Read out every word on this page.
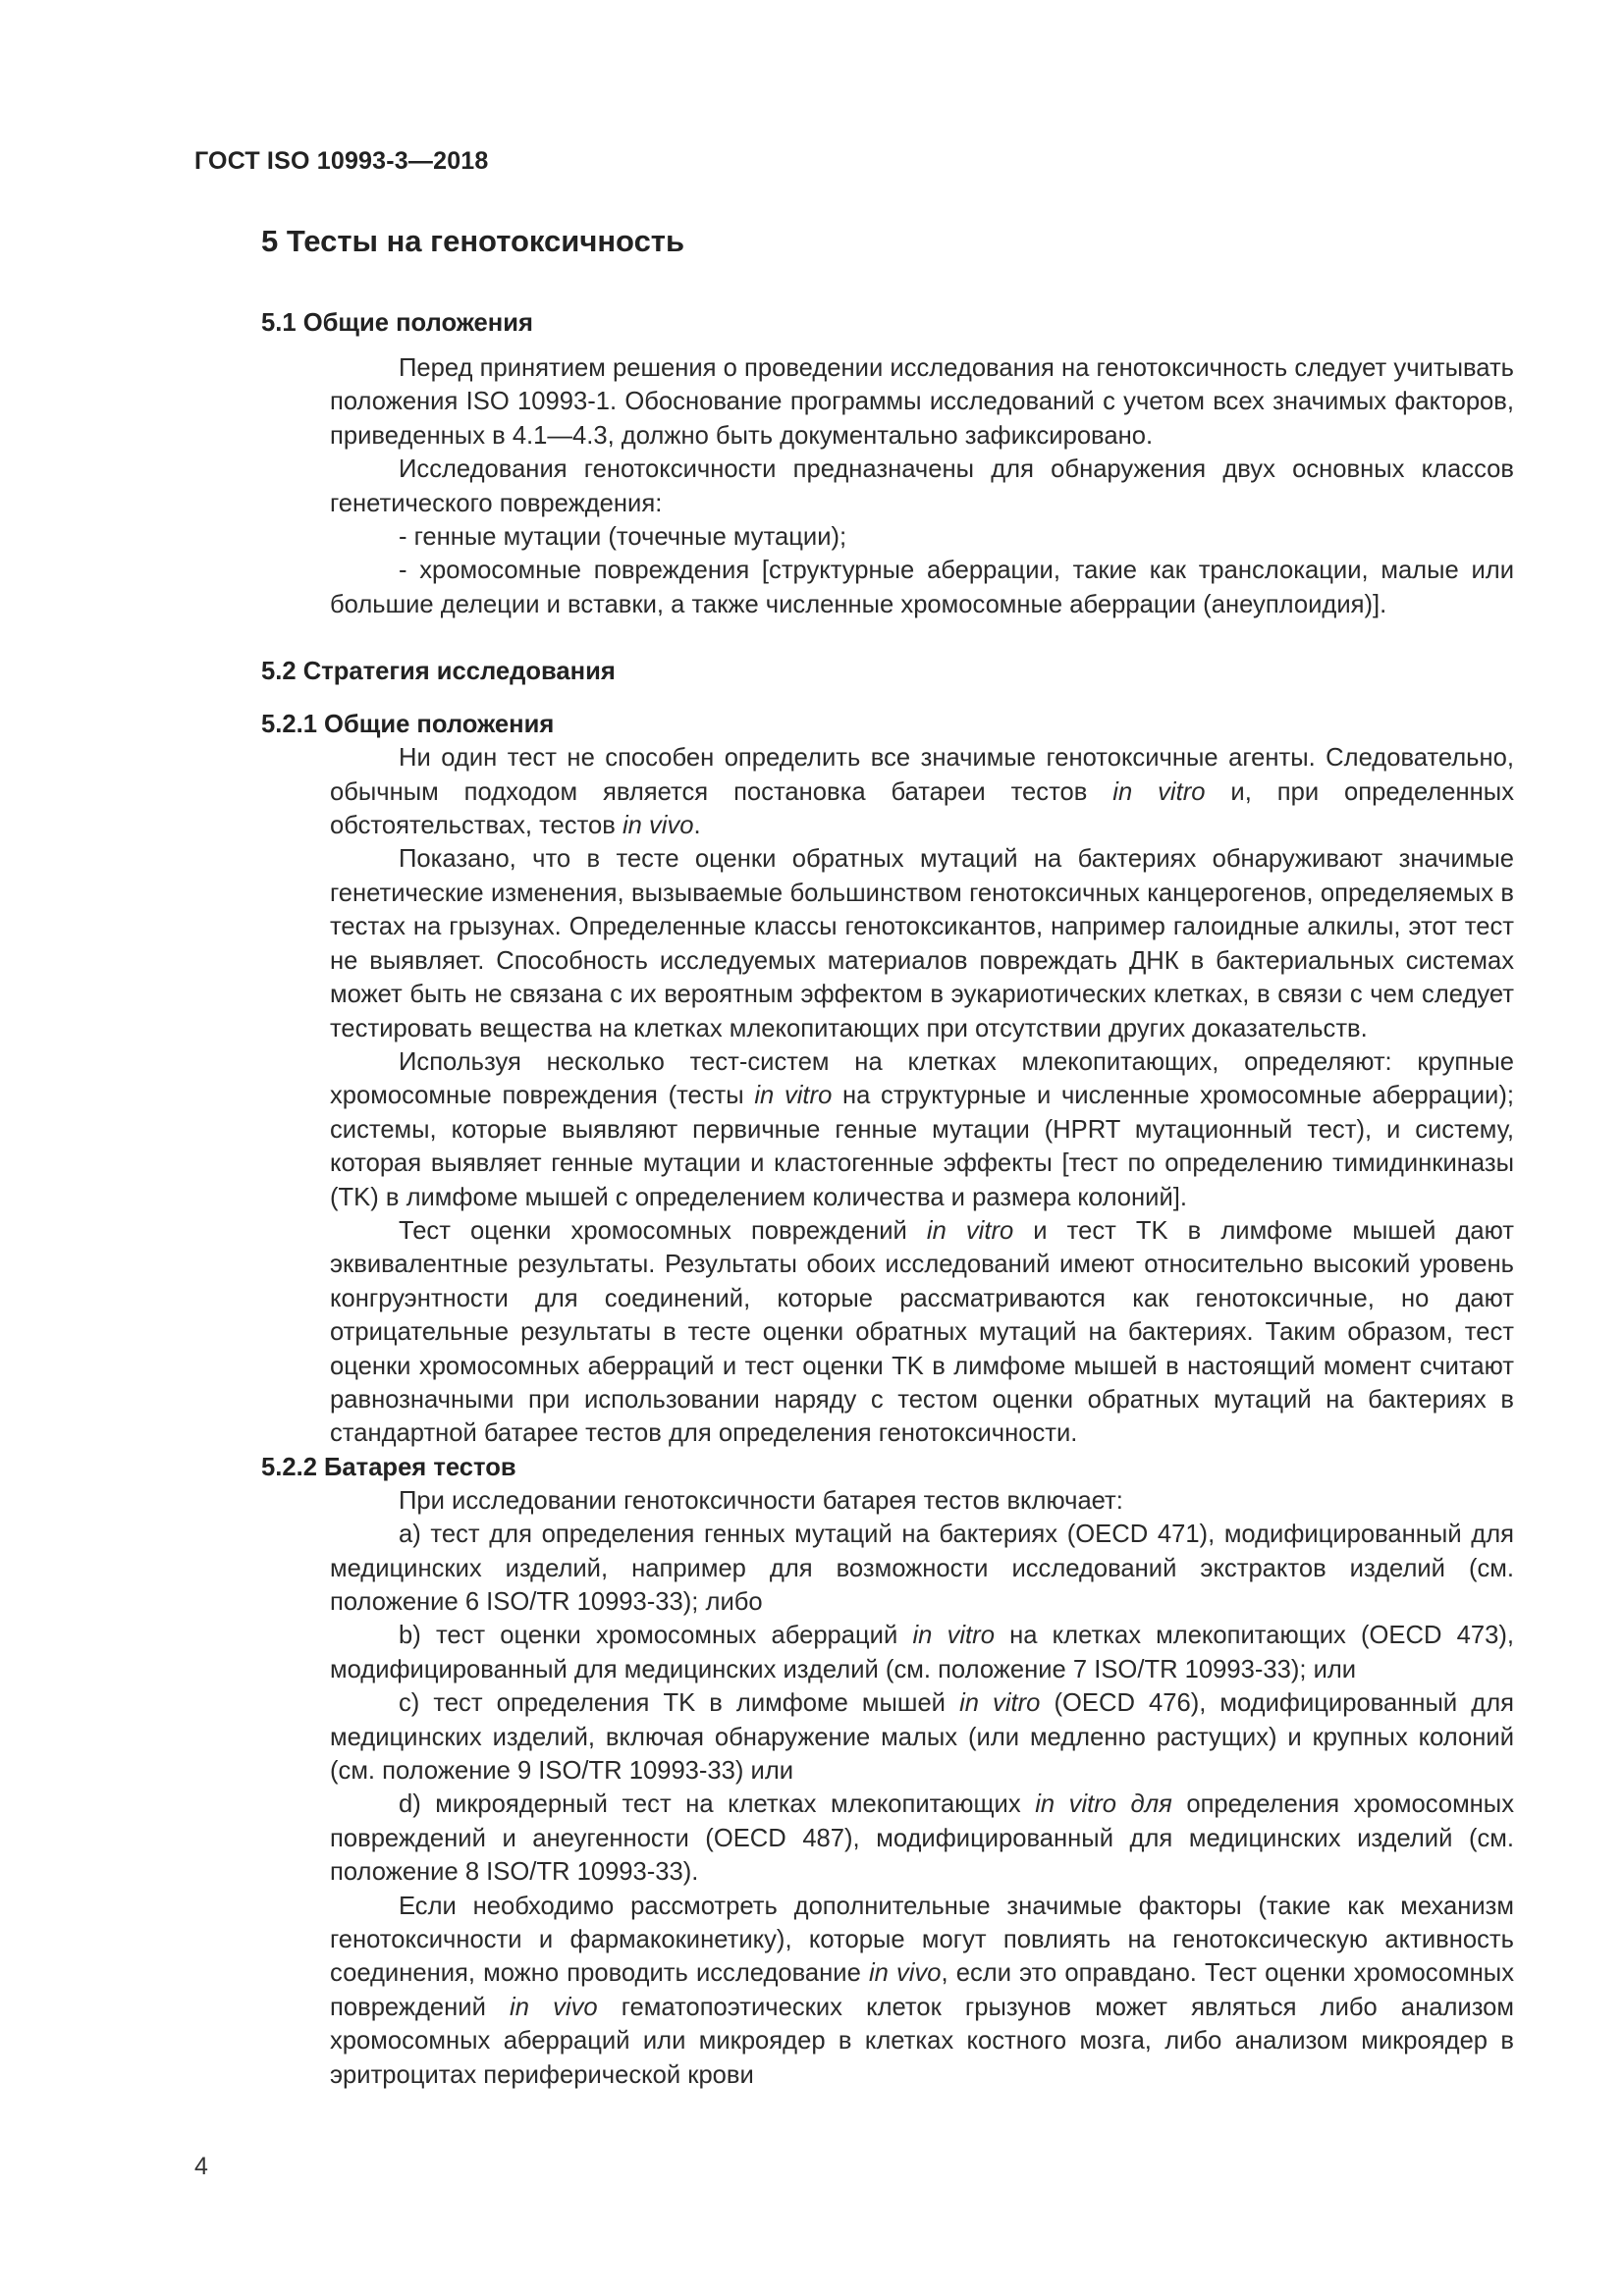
ГОСТ ISO 10993-3—2018
5 Тесты на генотоксичность
5.1 Общие положения

Перед принятием решения о проведении исследования на генотоксичность следует учитывать положения ISO 10993-1. Обоснование программы исследований с учетом всех значимых факторов, приведенных в 4.1—4.3, должно быть документально зафиксировано.

Исследования генотоксичности предназначены для обнаружения двух основных классов генетического повреждения:

- генные мутации (точечные мутации);

- хромосомные повреждения [структурные аберрации, такие как транслокации, малые или большие делеции и вставки, а также численные хромосомные аберрации (анеуплоидия)].

5.2 Стратегия исследования
5.2.1 Общие положения

Ни один тест не способен определить все значимые генотоксичные агенты. Следовательно, обычным подходом является постановка батареи тестов in vitro и, при определенных обстоятельствах, тестов in vivo.

Показано, что в тесте оценки обратных мутаций на бактериях обнаруживают значимые генетические изменения, вызываемые большинством генотоксичных канцерогенов, определяемых в тестах на грызунах. Определенные классы генотоксикантов, например галоидные алкилы, этот тест не выявляет. Способность исследуемых материалов повреждать ДНК в бактериальных системах может быть не связана с их вероятным эффектом в эукариотических клетках, в связи с чем следует тестировать вещества на клетках млекопитающих при отсутствии других доказательств.

Используя несколько тест-систем на клетках млекопитающих, определяют: крупные хромосомные повреждения (тесты in vitro на структурные и численные хромосомные аберрации); системы, которые выявляют первичные генные мутации (HPRT мутационный тест), и систему, которая выявляет генные мутации и кластогенные эффекты [тест по определению тимидинкиназы (TK) в лимфоме мышей с определением количества и размера колоний].

Тест оценки хромосомных повреждений in vitro и тест TK в лимфоме мышей дают эквивалентные результаты. Результаты обоих исследований имеют относительно высокий уровень конгруэнтности для соединений, которые рассматриваются как генотоксичные, но дают отрицательные результаты в тесте оценки обратных мутаций на бактериях. Таким образом, тест оценки хромосомных аберраций и тест оценки TK в лимфоме мышей в настоящий момент считают равнозначными при использовании наряду с тестом оценки обратных мутаций на бактериях в стандартной батарее тестов для определения генотоксичности.

5.2.2 Батарея тестов

При исследовании генотоксичности батарея тестов включает:

a) тест для определения генных мутаций на бактериях (OECD 471), модифицированный для медицинских изделий, например для возможности исследований экстрактов изделий (см. положение 6 ISO/TR 10993-33); либо

b) тест оценки хромосомных аберраций in vitro на клетках млекопитающих (OECD 473), модифицированный для медицинских изделий (см. положение 7 ISO/TR 10993-33); или

c) тест определения TK в лимфоме мышей in vitro (OECD 476), модифицированный для медицинских изделий, включая обнаружение малых (или медленно растущих) и крупных колоний (см. положение 9 ISO/TR 10993-33) или

d) микроядерный тест на клетках млекопитающих in vitro для определения хромосомных повреждений и анеугенности (OECD 487), модифицированный для медицинских изделий (см. положение 8 ISO/TR 10993-33).

Если необходимо рассмотреть дополнительные значимые факторы (такие как механизм генотоксичности и фармакокинетику), которые могут повлиять на генотоксическую активность соединения, можно проводить исследование in vivo, если это оправдано. Тест оценки хромосомных повреждений in vivo гематопоэтических клеток грызунов может являться либо анализом хромосомных аберраций или микроядер в клетках костного мозга, либо анализом микроядер в эритроцитах периферической крови

4
